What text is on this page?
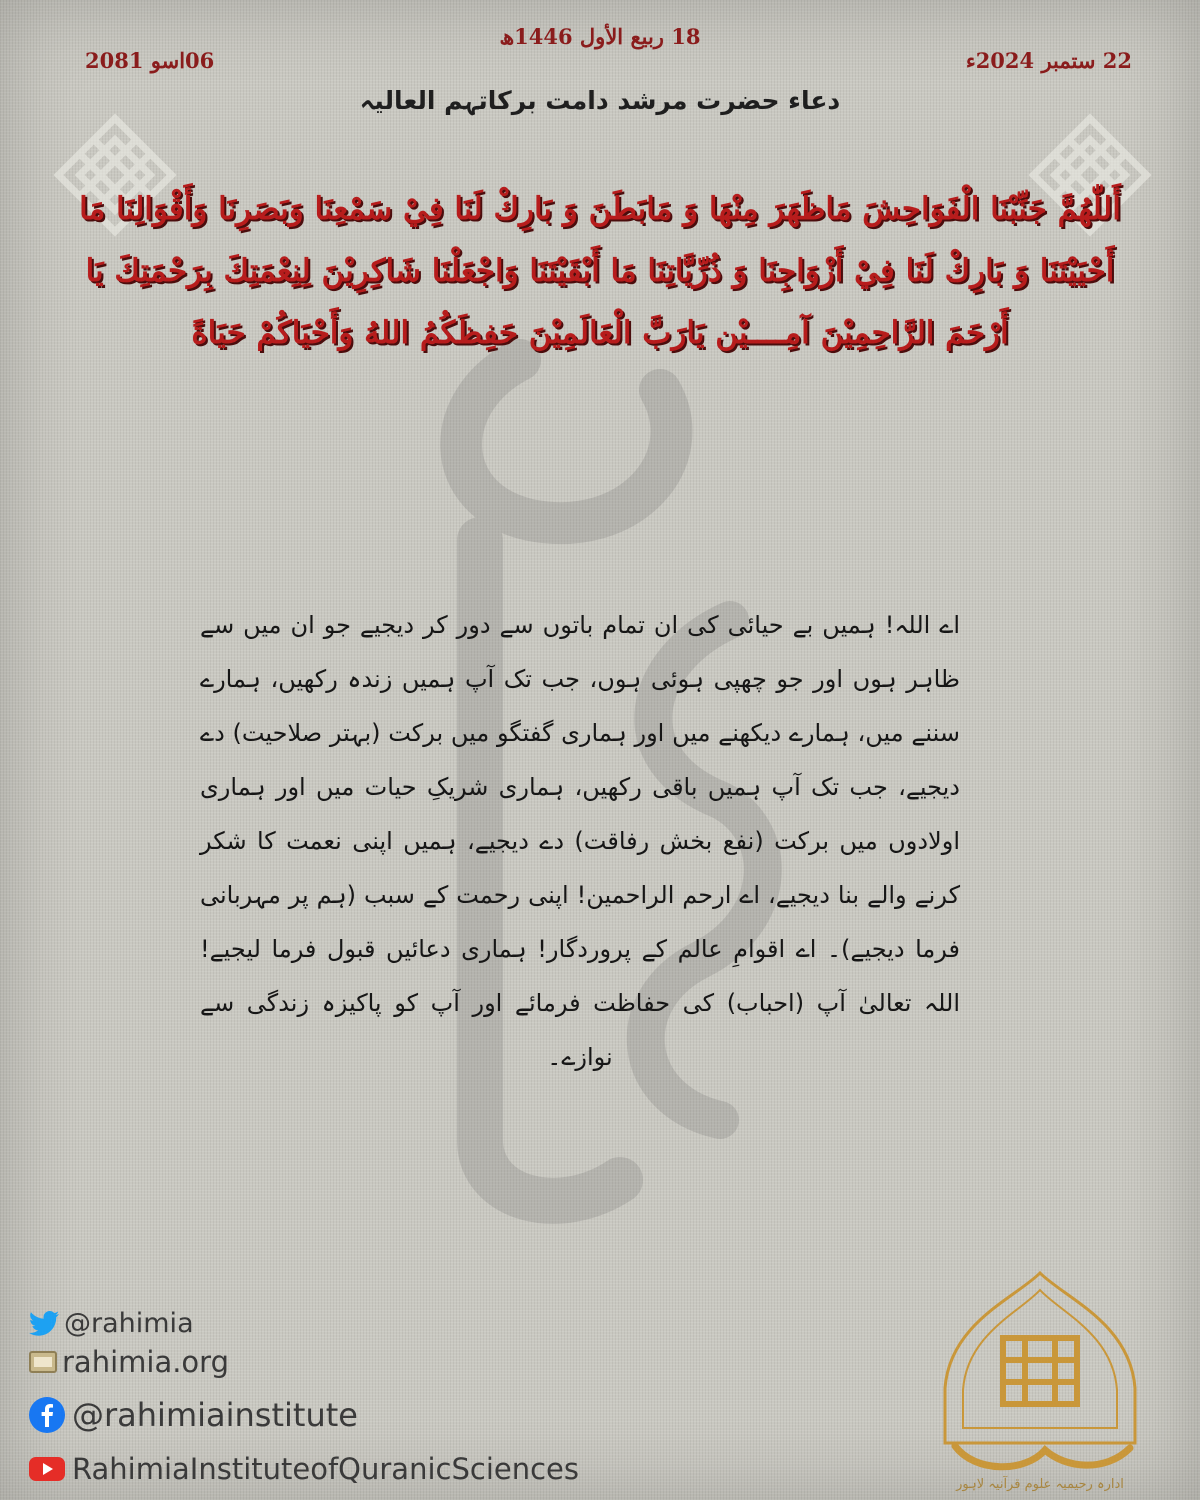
18 ربیع الأول 1446ھ
22 ستمبر 2024ء
06اسو 2081
دعاء حضرت مرشد دامت برکاتہم العالیہ
أَللّٰهُمَّ جَنِّبْنَا الْفَوَاحِشَ مَاظَهَرَ مِنْهَا وَ مَابَطَنَ وَ بَارِكْ لَنَا فِيْ سَمْعِنَا وَبَصَرِنَا وَأَقْوَالِنَا مَا أَحْيَيْتَنَا وَ بَارِكْ لَنَا فِيْ أَزْوَاجِنَا وَ ذُرِّيَّاتِنَا مَا أَبْقَيْتَنَا وَاجْعَلْنَا شَاكِرِيْنَ لِنِعْمَتِكَ بِرَحْمَتِكَ يَا أَرْحَمَ الرَّاحِمِيْنَ آمِــــيْن يَارَبَّ الْعَالَمِيْنَ حَفِظَكُمُ اللهُ وَأَحْيَاكُمْ حَيَاةً
اے اللہ! ہمیں بے حیائی کی ان تمام باتوں سے دور کر دیجیے جو ان میں سے ظاہر ہوں اور جو چھپی ہوئی ہوں، جب تک آپ ہمیں زندہ رکھیں، ہمارے سننے میں، ہمارے دیکھنے میں اور ہماری گفتگو میں برکت (بہتر صلاحیت) دے دیجیے، جب تک آپ ہمیں باقی رکھیں، ہماری شریکِ حیات میں اور ہماری اولادوں میں برکت (نفع بخش رفاقت) دے دیجیے، ہمیں اپنی نعمت کا شکر کرنے والے بنا دیجیے، اے ارحم الراحمین! اپنی رحمت کے سبب (ہم پر مہربانی فرما دیجیے)۔ اے اقوامِ عالم کے پروردگار! ہماری دعائیں قبول فرما لیجیے! اللہ تعالیٰ آپ (احباب) کی حفاظت فرمائے اور آپ کو پاکیزہ زندگی سے نوازے۔
@rahimia
rahimia.org
@rahimiainstitute
RahimiaInstituteofQuranicSciences	ادارہ رحیمیہ علوم قرآنیہ لاہور
